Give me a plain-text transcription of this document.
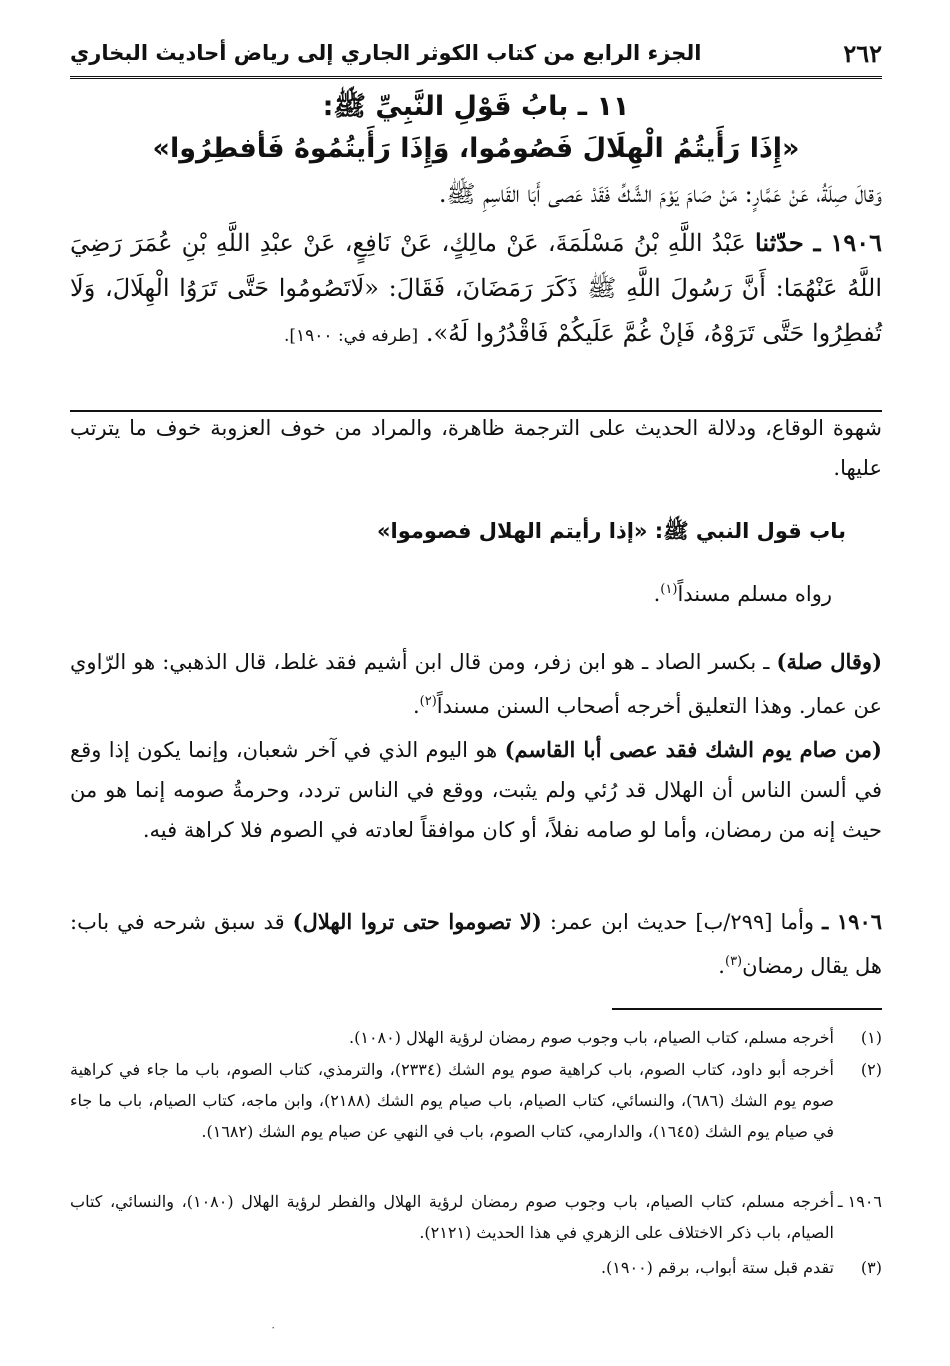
٢٦٢
الجزء الرابع من كتاب الكوثر الجاري إلى رياض أحاديث البخاري
١١ ـ بابُ قَوْلِ النَّبِيِّ ﷺ:
«إِذَا رَأَيتُمُ الْهِلَالَ فَصُومُوا، وَإِذَا رَأَيتُمُوهُ فَأفطِرُوا»
وَقالَ صِلَةُ، عَنْ عَمَّارٍ: مَنْ صَامَ يَوْمَ الشَّكِّ فَقَدْ عَصى أَبَا القَاسِمِ ﷺ.
١٩٠٦ ـ حدّثنا عَبْدُ اللَّهِ بْنُ مَسْلَمَةَ، عَنْ مالِكٍ، عَنْ نَافِعٍ، عَنْ عبْدِ اللَّهِ بْنِ عُمَرَ رَضِيَ اللَّهُ عَنْهُمَا: أَنَّ رَسُولَ اللَّهِ ﷺ ذَكَرَ رَمَضَانَ، فَقَالَ: «لَاتَصُومُوا حَتَّى تَرَوُا الْهِلَالَ، وَلَا تُفطِرُوا حَتَّى تَرَوْهُ، فَإنْ غُمَّ عَلَيكُمْ فَاقْدُرُوا لَهُ». [طرفه في: ١٩٠٠].
شهوة الوقاع، ودلالة الحديث على الترجمة ظاهرة، والمراد من خوف العزوبة خوف ما يترتب عليها.
باب قول النبي ﷺ: «إذا رأيتم الهلال فصوموا»
رواه مسلم مسنداً$^{(١)}$.
(وقال صلة) ـ بكسر الصاد ـ هو ابن زفر، ومن قال ابن أشيم فقد غلط، قال الذهبي: هو الرّاوي عن عمار. وهذا التعليق أخرجه أصحاب السنن مسنداً$^{(٢)}$.
(من صام يوم الشك فقد عصى أبا القاسم) هو اليوم الذي في آخر شعبان، وإنما يكون إذا وقع في ألسن الناس أن الهلال قد رُئي ولم يثبت، ووقع في الناس تردد، وحرمةُ صومه إنما هو من حيث إنه من رمضان، وأما لو صامه نفلاً، أو كان موافقاً لعادته في الصوم فلا كراهة فيه.
١٩٠٦ ـ وأما [٢٩٩/ب] حديث ابن عمر: (لا تصوموا حتى تروا الهلال) قد سبق شرحه في باب: هل يقال رمضان$^{(٣)}$.
(١)
أخرجه مسلم، كتاب الصيام، باب وجوب صوم رمضان لرؤية الهلال (١٠٨٠).
(٢)
أخرجه أبو داود، كتاب الصوم، باب كراهية صوم يوم الشك (٢٣٣٤)، والترمذي، كتاب الصوم، باب ما جاء في كراهية صوم يوم الشك (٦٨٦)، والنسائي، كتاب الصيام، باب صيام يوم الشك (٢١٨٨)، وابن ماجه، كتاب الصيام، باب ما جاء في صيام يوم الشك (١٦٤٥)، والدارمي، كتاب الصوم، باب في النهي عن صيام يوم الشك (١٦٨٢).
١٩٠٦ ـ
أخرجه مسلم، كتاب الصيام، باب وجوب صوم رمضان لرؤية الهلال والفطر لرؤية الهلال (١٠٨٠)، والنسائي، كتاب الصيام، باب ذكر الاختلاف على الزهري في هذا الحديث (٢١٢١).
(٣)
تقدم قبل ستة أبواب، برقم (١٩٠٠).
٠
